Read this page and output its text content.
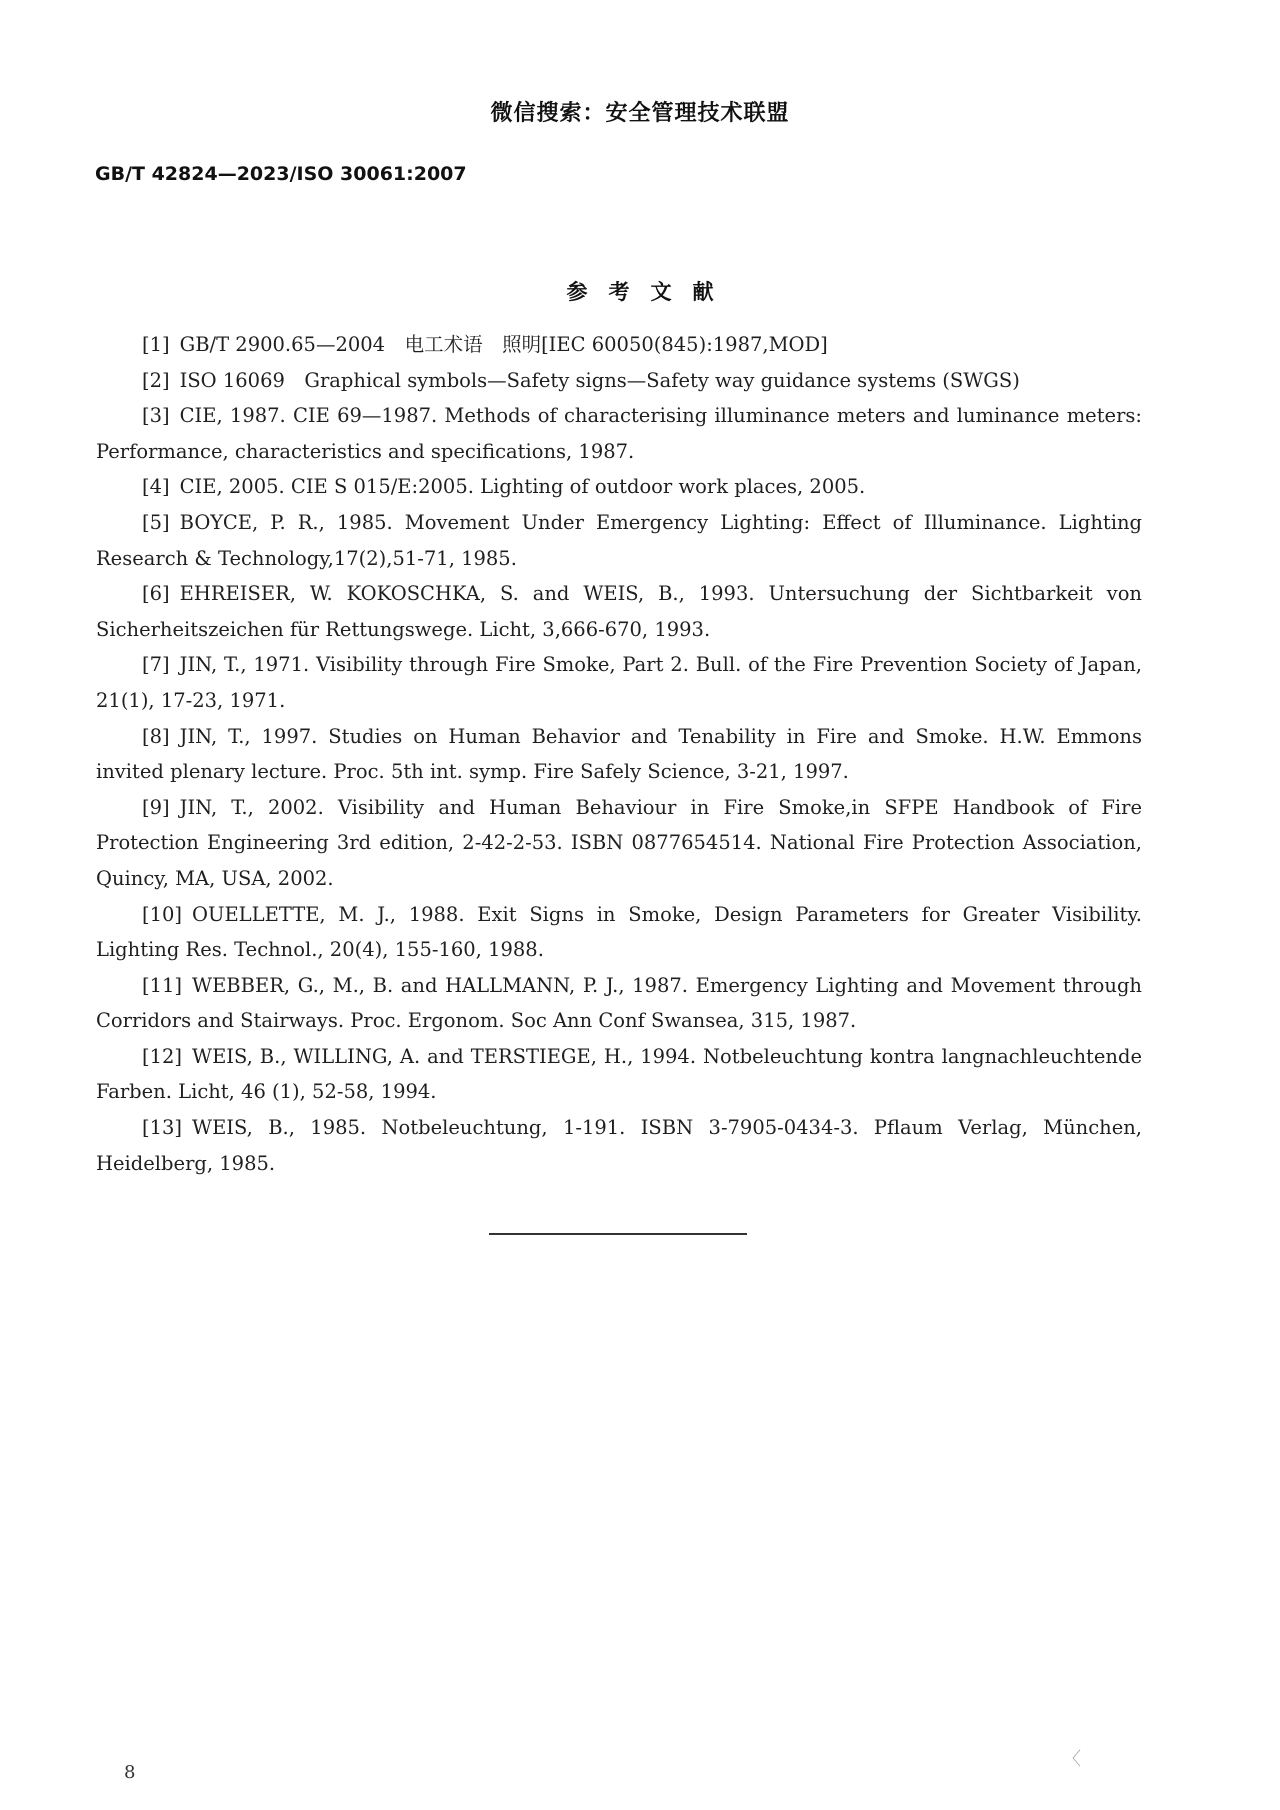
微信搜索：安全管理技术联盟
GB/T 42824—2023/ISO 30061:2007
参考文献
[1] GB/T 2900.65—2004　电工术语　照明[IEC 60050(845):1987,MOD]
[2] ISO 16069　Graphical symbols—Safety signs—Safety way guidance systems (SWGS)
[3] CIE, 1987. CIE 69—1987. Methods of characterising illuminance meters and luminance meters: Performance, characteristics and specifications, 1987.
[4] CIE, 2005. CIE S 015/E:2005. Lighting of outdoor work places, 2005.
[5] BOYCE, P. R., 1985. Movement Under Emergency Lighting: Effect of Illuminance. Lighting Research & Technology,17(2),51-71, 1985.
[6] EHREISER, W. KOKOSCHKA, S. and WEIS, B., 1993. Untersuchung der Sichtbarkeit von Sicherheitszeichen für Rettungswege. Licht, 3,666-670, 1993.
[7] JIN, T., 1971. Visibility through Fire Smoke, Part 2. Bull. of the Fire Prevention Society of Japan, 21(1), 17-23, 1971.
[8] JIN, T., 1997. Studies on Human Behavior and Tenability in Fire and Smoke. H.W. Emmons invited plenary lecture. Proc. 5th int. symp. Fire Safely Science, 3-21, 1997.
[9] JIN, T., 2002. Visibility and Human Behaviour in Fire Smoke,in SFPE Handbook of Fire Protection Engineering 3rd edition, 2-42-2-53. ISBN 0877654514. National Fire Protection Association, Quincy, MA, USA, 2002.
[10] OUELLETTE, M. J., 1988. Exit Signs in Smoke, Design Parameters for Greater Visibility. Lighting Res. Technol., 20(4), 155-160, 1988.
[11] WEBBER, G., M., B. and HALLMANN, P. J., 1987. Emergency Lighting and Movement through Corridors and Stairways. Proc. Ergonom. Soc Ann Conf Swansea, 315, 1987.
[12] WEIS, B., WILLING, A. and TERSTIEGE, H., 1994. Notbeleuchtung kontra langnachleuchtende Farben. Licht, 46 (1), 52-58, 1994.
[13] WEIS, B., 1985. Notbeleuchtung, 1-191. ISBN 3-7905-0434-3. Pflaum Verlag, München, Heidelberg, 1985.
8
〈
